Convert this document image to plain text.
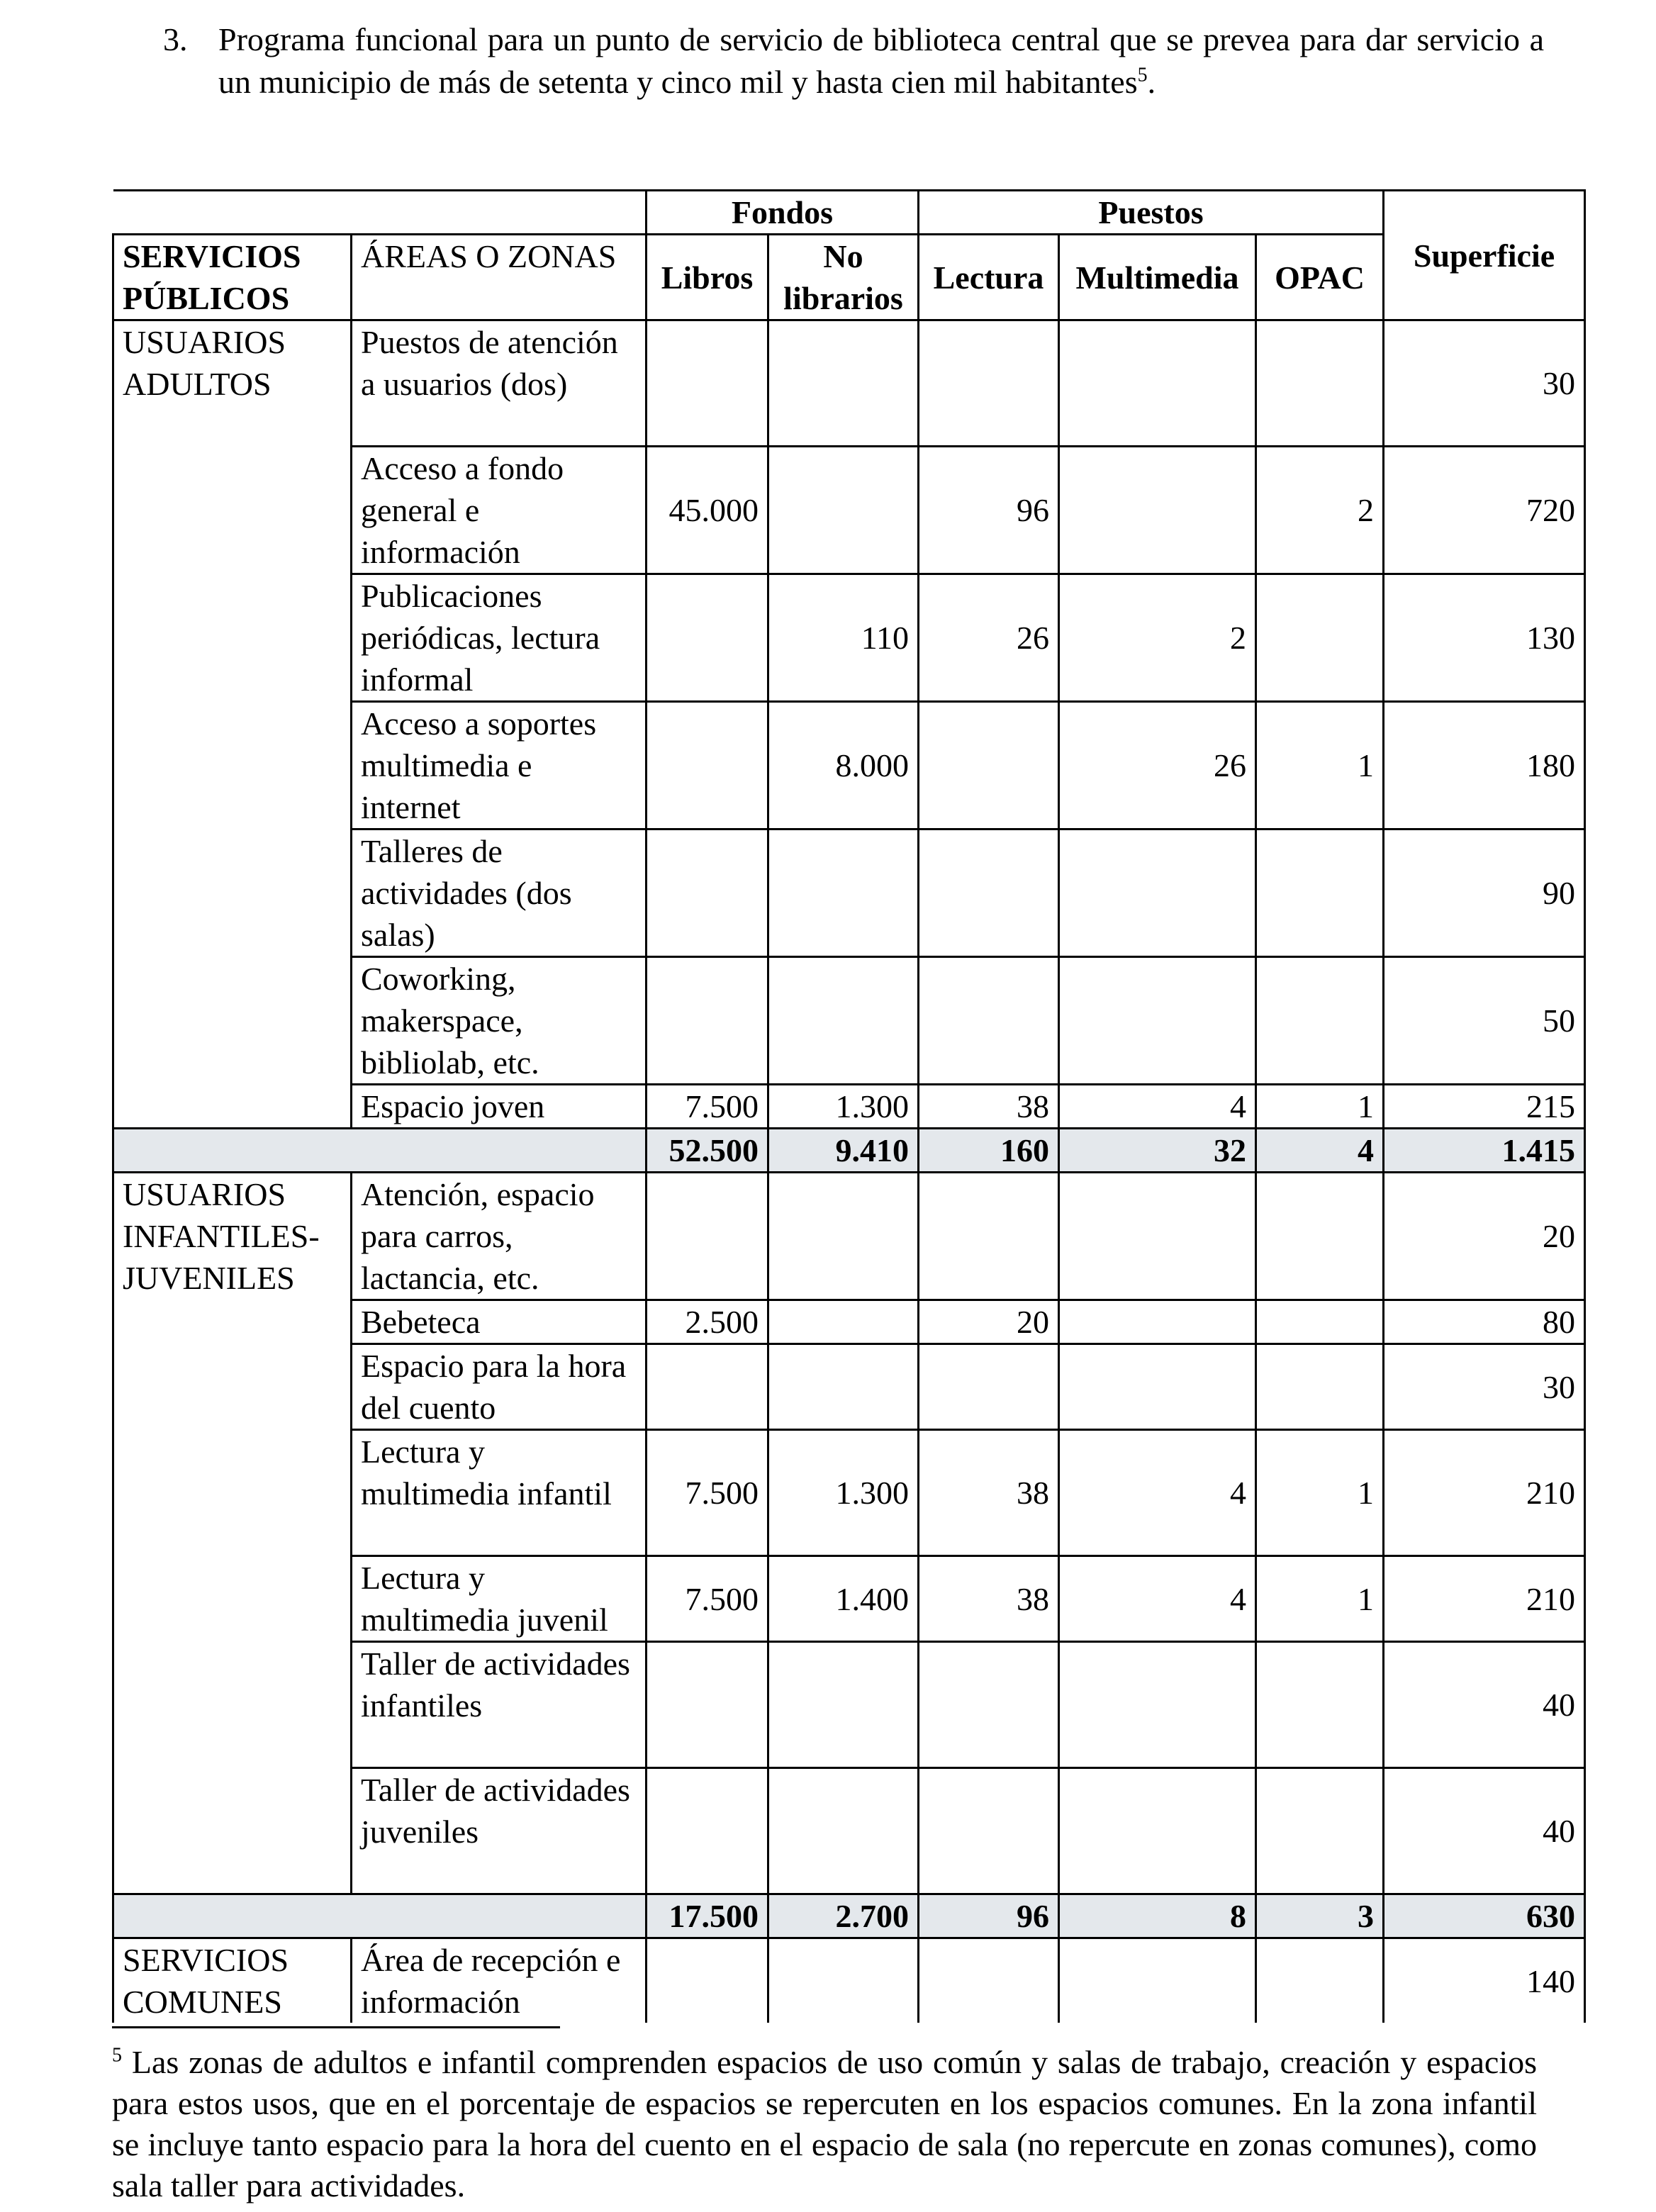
3. Programa funcional para un punto de servicio de biblioteca central que se prevea para dar servicio a un municipio de más de setenta y cinco mil y hasta cien mil habitantes$^5$.
		Fondos		Puestos			Superficie
SERVICIOS PÚBLICOS	ÁREAS O ZONAS	Libros	No librarios	Lectura	Multimedia	OPAC	
USUARIOS ADULTOS	Puestos de atención a usuarios (dos)						30
	Acceso a fondo general e información	45.000		96		2	720
	Publicaciones periódicas, lectura informal		110	26	2		130
	Acceso a soportes multimedia e internet		8.000		26	1	180
	Talleres de actividades (dos salas)						90
	Coworking, makerspace, bibliolab, etc.						50
	Espacio joven	7.500	1.300	38	4	1	215
		52.500	9.410	160	32	4	1.415
USUARIOS INFANTILES-JUVENILES	Atención, espacio para carros, lactancia, etc.						20
	Bebeteca	2.500		20			80
	Espacio para la hora del cuento						30
	Lectura y multimedia infantil	7.500	1.300	38	4	1	210
	Lectura y multimedia juvenil	7.500	1.400	38	4	1	210
	Taller de actividades infantiles						40
	Taller de actividades juveniles						40
		17.500	2.700	96	8	3	630
SERVICIOS COMUNES	Área de recepción e información						140
$^5$ Las zonas de adultos e infantil comprenden espacios de uso común y salas de trabajo, creación y espacios para estos usos, que en el porcentaje de espacios se repercuten en los espacios comunes. En la zona infantil se incluye tanto espacio para la hora del cuento en el espacio de sala (no repercute en zonas comunes), como sala taller para actividades.
